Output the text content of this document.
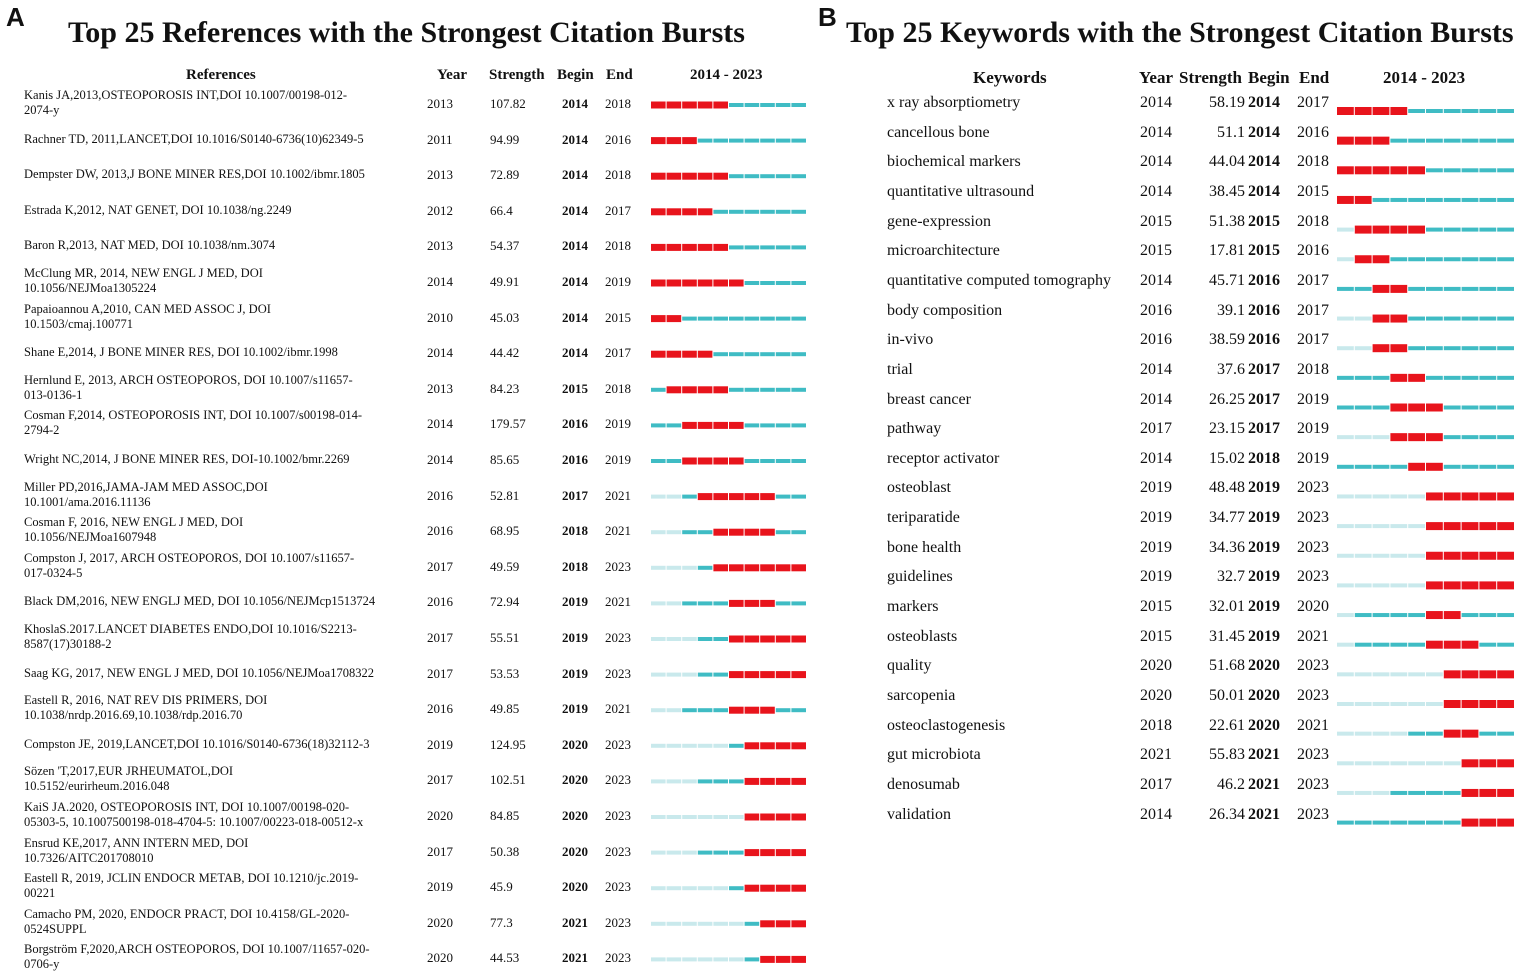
A Top 25 References with the Strongest Citation Bursts	B Top 25 Keywords with the Strongest Citation Bursts
References	Year Strength Begin End	2014 - 2023	Keywords	Year Strength Begin End	2014 - 2023
Kanis JA,2013,OSTEOPOROSIS INT,DOI 10.1007/00198-012-
2074-y	2013	107.82	2014 2018
Rachner TD, 2011,LANCET,DOI 10.1016/S0140-6736(10)62349-5	2011	94.99	2014 2016
Dempster DW, 2013,J BONE MINER RES,DOI 10.1002/ibmr.1805	2013	72.89	2014 2018
Estrada K,2012, NAT GENET, DOI 10.1038/ng.2249	2012	66.4	2014 2017
Baron R,2013, NAT MED, DOI 10.1038/nm.3074	2013	54.37	2014 2018
McClung MR, 2014, NEW ENGL J MED, DOI
10.1056/NEJMoa1305224	2014	49.91	2014 2019
Papaioannou A,2010, CAN MED ASSOC J, DOI
10.1503/cmaj.100771	2010	45.03	2014 2015
Shane E,2014, J BONE MINER RES, DOI 10.1002/ibmr.1998	2014	44.42	2014 2017
Hernlund E, 2013, ARCH OSTEOPOROS, DOI 10.1007/s11657-
013-0136-1	2013	84.23	2015 2018
Cosman F,2014, OSTEOPOROSIS INT, DOI 10.1007/s00198-014-
2794-2	2014	179.57	2016 2019
Wright NC,2014, J BONE MINER RES, DOI-10.1002/bmr.2269	2014	85.65	2016 2019
Miller PD,2016,JAMA-JAM MED ASSOC,DOI
10.1001/ama.2016.11136	2016	52.81	2017 2021
Cosman F, 2016, NEW ENGL J MED, DOI
10.1056/NEJMoa1607948	2016	68.95	2018 2021
Compston J, 2017, ARCH OSTEOPOROS, DOI 10.1007/s11657-
017-0324-5	2017	49.59	2018 2023
Black DM,2016, NEW ENGLJ MED, DOI 10.1056/NEJMcp1513724	2016	72.94	2019 2021
KhoslaS.2017.LANCET DIABETES ENDO,DOI 10.1016/S2213-
8587(17)30188-2	2017	55.51	2019 2023
Saag KG, 2017, NEW ENGL J MED, DOI 10.1056/NEJMoa1708322	2017	53.53	2019 2023
Eastell R, 2016, NAT REV DIS PRIMERS, DOI
10.1038/nrdp.2016.69,10.1038/rdp.2016.70	2016	49.85	2019 2021
Compston JE, 2019,LANCET,DOI 10.1016/S0140-6736(18)32112-3	2019	124.95	2020 2023
Sözen 'T,2017,EUR JRHEUMATOL,DOI
10.5152/eurirheum.2016.048	2017	102.51	2020 2023
KaiS JA.2020, OSTEOPOROSIS INT, DOI 10.1007/00198-020-
05303-5, 10.1007500198-018-4704-5: 10.1007/00223-018-00512-x	2020	84.85	2020 2023
Ensrud KE,2017, ANN INTERN MED, DOI
10.7326/AITC201708010	2017	50.38	2020 2023
Eastell R, 2019, JCLIN ENDOCR METAB, DOI 10.1210/jc.2019-
00221	2019	45.9	2020 2023
Camacho PM, 2020, ENDOCR PRACT, DOI 10.4158/GL-2020-
0524SUPPL	2020	77.3	2021 2023
Borgström F,2020,ARCH OSTEOPOROS, DOI 10.1007/11657-020-
0706-y	2020	44.53	2021 2023
x ray absorptiometry	2014 58.19 2014 2017
cancellous bone	2014	51.1 2014 2016
biochemical markers	2014 44.04 2014 2018
quantitative ultrasound	2014 38.45 2014 2015
gene-expression	2015 51.38 2015 2018
microarchitecture	2015 17.81 2015 2016
quantitative computed tomography 2014 45.71 2016 2017
body composition	2016	39.1 2016 2017
in-vivo	2016 38.59 2016 2017
trial	2014	37.6 2017 2018
breast cancer	2014 26.25 2017 2019
pathway	2017 23.15 2017 2019
receptor activator	2014 15.02 2018 2019
osteoblast	2019 48.48 2019 2023
teriparatide	2019 34.77 2019 2023
bone health	2019 34.36 2019 2023
guidelines	2019	32.7 2019 2023
markers	2015 32.01 2019 2020
osteoblasts	2015 31.45 2019 2021
quality	2020 51.68 2020 2023
sarcopenia	2020 50.01 2020 2023
osteoclastogenesis	2018 22.61 2020 2021
gut microbiota	2021 55.83 2021 2023
denosumab	2017	46.2 2021 2023
validation	2014 26.34 2021 2023
